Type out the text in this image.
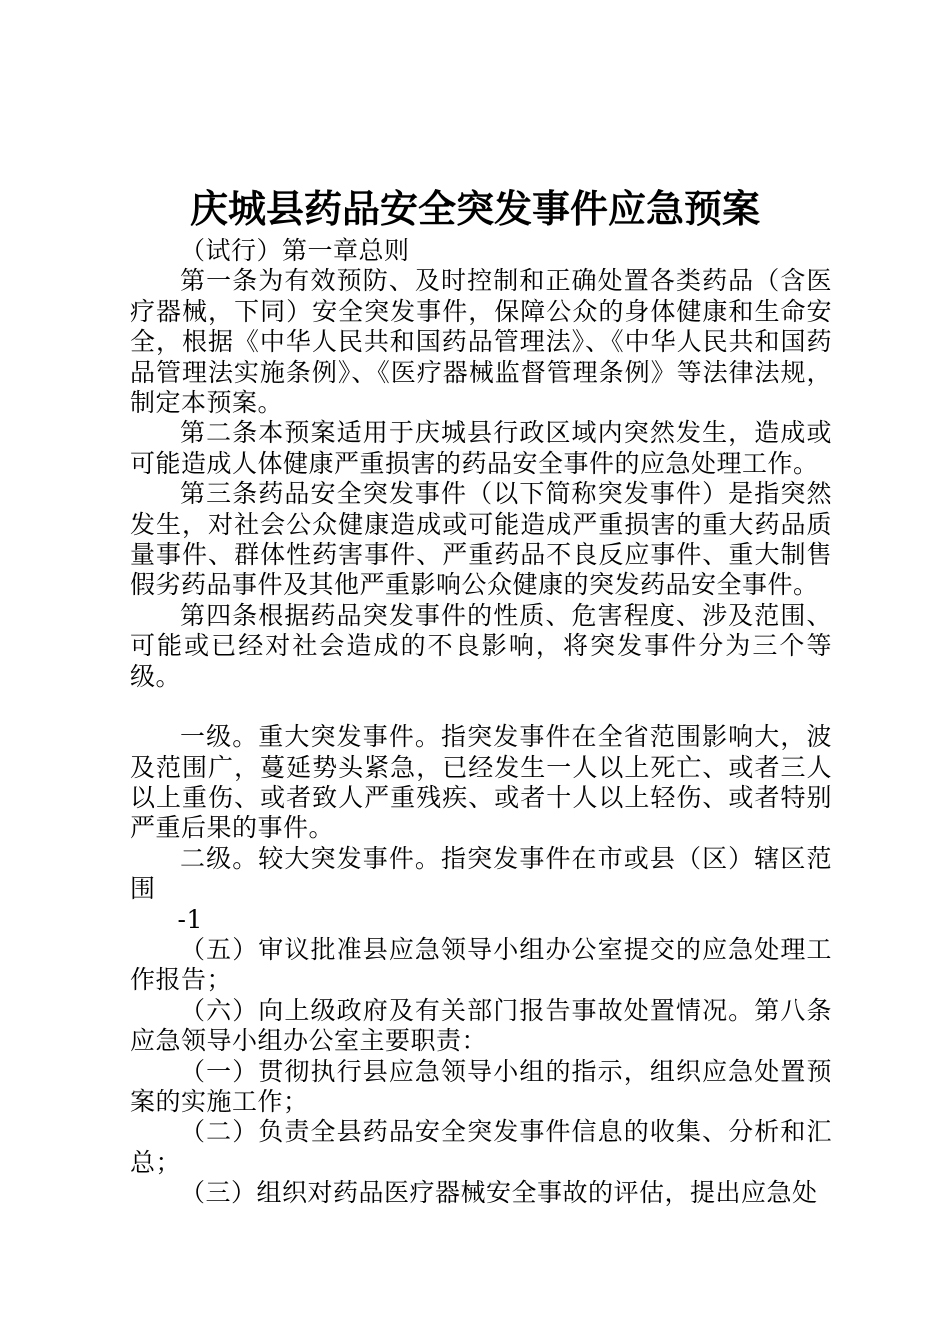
庆城县药品安全突发事件应急预案

（试行）第一章总则

第一条为有效预防、及时控制和正确处置各类药品（含医疗器械，下同）安全突发事件，保障公众的身体健康和生命安全，根据《中华人民共和国药品管理法》、《中华人民共和国药品管理法实施条例》、《医疗器械监督管理条例》等法律法规，制定本预案。

第二条本预案适用于庆城县行政区域内突然发生，造成或可能造成人体健康严重损害的药品安全事件的应急处理工作。

第三条药品安全突发事件（以下简称突发事件）是指突然发生，对社会公众健康造成或可能造成严重损害的重大药品质量事件、群体性药害事件、严重药品不良反应事件、重大制售假劣药品事件及其他严重影响公众健康的突发药品安全事件。

第四条根据药品突发事件的性质、危害程度、涉及范围、可能或已经对社会造成的不良影响，将突发事件分为三个等级。

一级。重大突发事件。指突发事件在全省范围影响大，波及范围广，蔓延势头紧急，已经发生一人以上死亡、或者三人以上重伤、或者致人严重残疾、或者十人以上轻伤、或者特别严重后果的事件。

二级。较大突发事件。指突发事件在市或县（区）辖区范围

-1

（五）审议批准县应急领导小组办公室提交的应急处理工作报告；

（六）向上级政府及有关部门报告事故处置情况。第八条应急领导小组办公室主要职责：

（一）贯彻执行县应急领导小组的指示，组织应急处置预案的实施工作；

（二）负责全县药品安全突发事件信息的收集、分析和汇总；

（三）组织对药品医疗器械安全事故的评估，提出应急处
